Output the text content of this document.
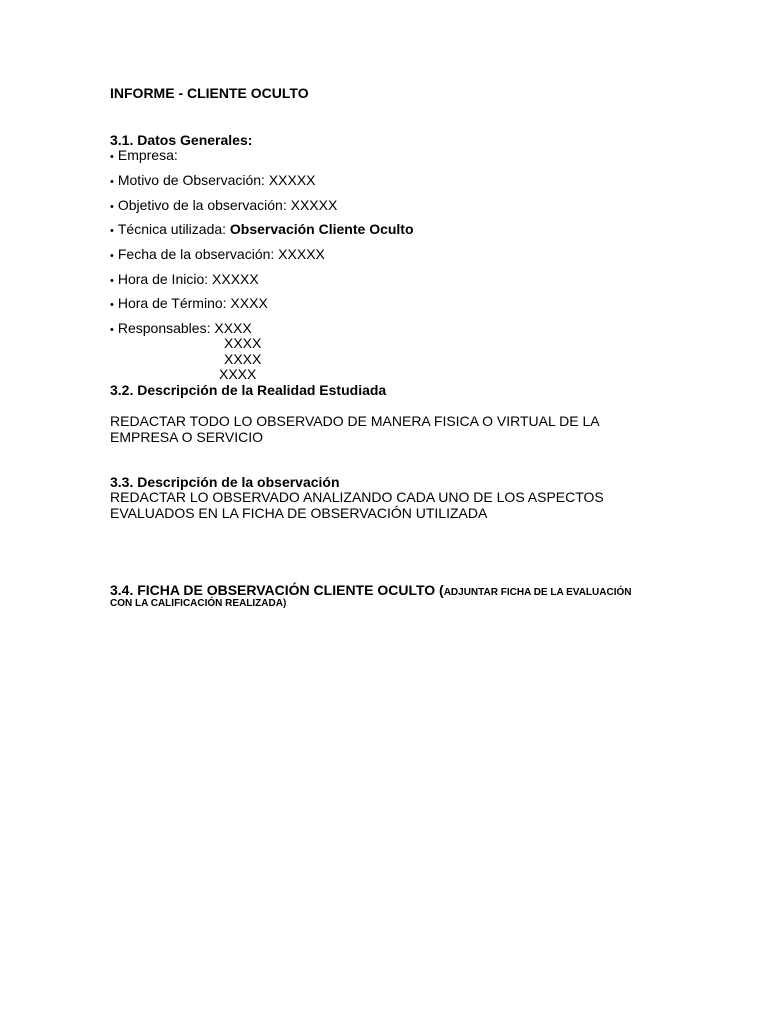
INFORME - CLIENTE OCULTO
3.1. Datos Generales:
• Empresa:
• Motivo de Observación: XXXXX
• Objetivo de la observación: XXXXX
• Técnica utilizada: Observación Cliente Oculto
• Fecha de la observación: XXXXX
• Hora de Inicio: XXXXX
• Hora de Término: XXXX
• Responsables: XXXX
XXXX
XXXX
XXXX
3.2. Descripción de la Realidad Estudiada
REDACTAR TODO LO OBSERVADO DE MANERA FISICA O VIRTUAL DE LA
EMPRESA O SERVICIO
3.3. Descripción de la observación
REDACTAR LO OBSERVADO ANALIZANDO CADA UNO DE LOS ASPECTOS
EVALUADOS EN LA FICHA DE OBSERVACIÓN UTILIZADA
3.4. FICHA DE OBSERVACIÓN CLIENTE OCULTO (ADJUNTAR FICHA DE LA EVALUACIÓN
CON LA CALIFICACIÓN REALIZADA)
